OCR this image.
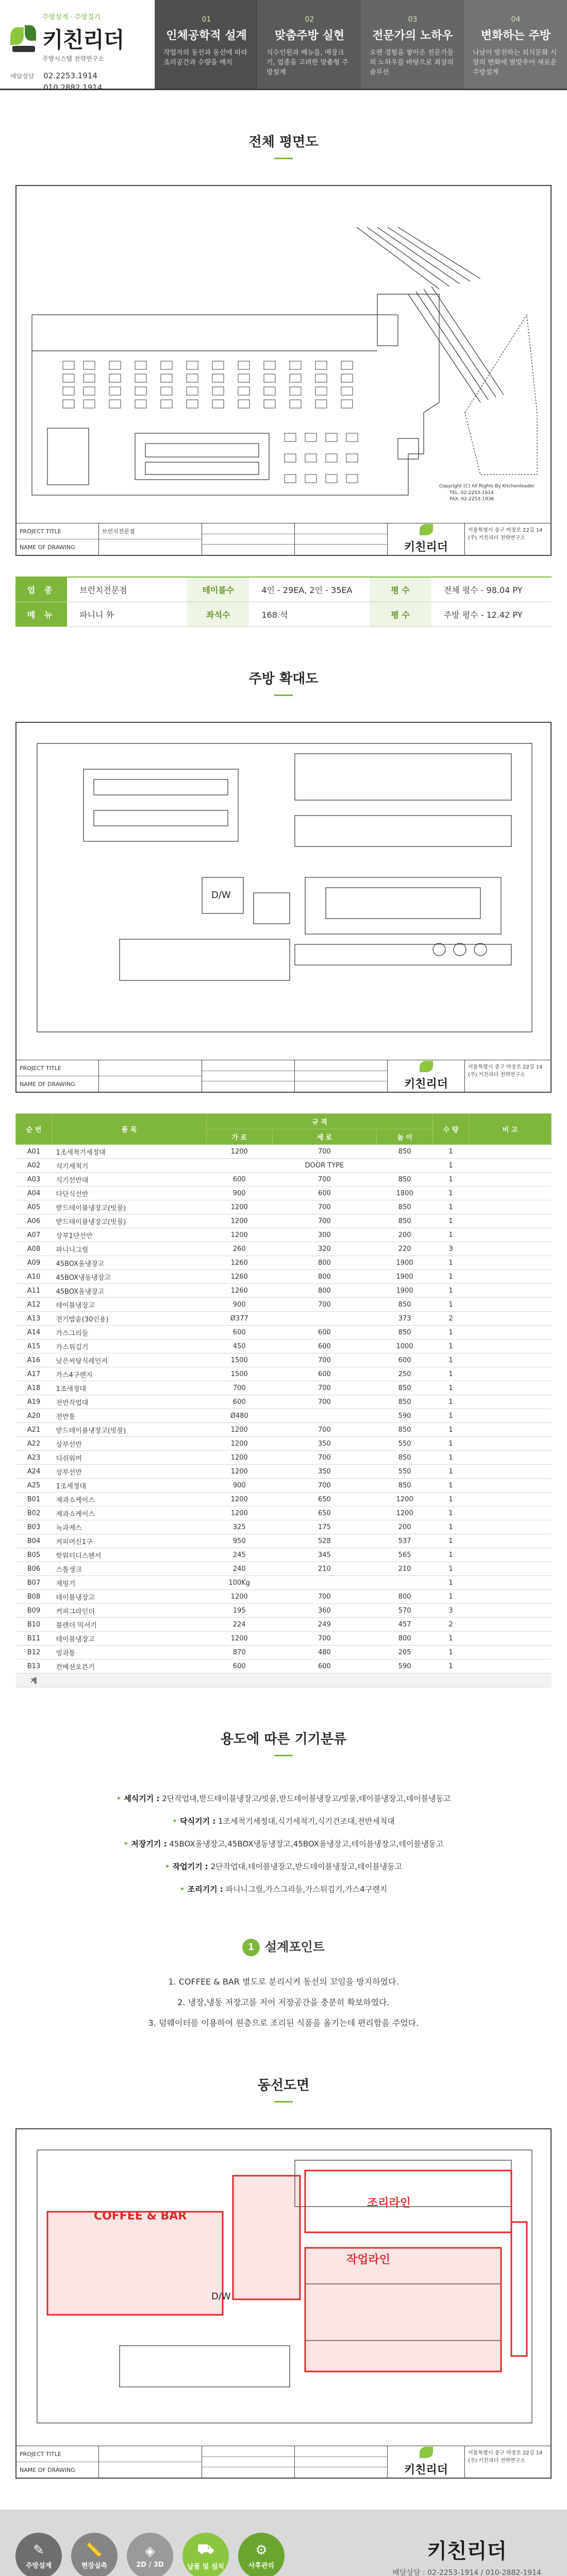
주방설계 · 주방집기
키친리더
주방시스템 전략연구소
배달상담 02.2253.1914
010.2882.1914
01
인체공학적 설계
작업자의 동선과 동선에 따라 조리공간과 수량을 배치
02
맞춤주방 실현
식수인원과 메뉴를, 매장크기, 업종을 고려한 맞춤형 주방설계
03
전문가의 노하우
오랜 경험을 쌓아온 전문가들의 노하우를 바탕으로 최상의 솔루션
04
변화하는 주방
나날이 발전하는 외식문화 시장의 변화에 발맞추어 새로운 주방설계
전체 평면도
Copyright (C) All Rights By Kitchenleader
TEL. 02-2253-1914
FAX. 02-2253-1936
PROJECT TITLE
NAME OF DRAWING
브런치전문점
키친리더
서울특별시 중구 마장로 22길 14 (주) 키친리더 전략연구소
업 종	브런치전문점	테이블수	4인 - 29EA, 2인 - 35EA	평 수	전체 평수 - 98.04 PY
메 뉴	파니니 外	좌석수	168 석	평 수	주방 평수 - 12.42 PY
주방 확대도
D/W
PROJECT TITLE
NAME OF DRAWING	키친리더
서울특별시 중구 마장로 22길 14 (주) 키친리더 전략연구소
순 번	품 목	규 격			수 량	비 고
		가 로	세 로	높 이		
A01	1조세척기세정대	1200	700	850	1	
A02	식기세척기		DOOR TYPE		1	
A03	식기선반대	600	700	850	1	
A04	다단식선반	900	600	1800	1	
A05	받드테이블냉장고(빗물)	1200	700	850	1	
A06	받드테이블냉장고(빗물)	1200	700	850	1	
A07	상부1단선반	1200	300	200	1	
A08	파니니그릴	260	320	220	3	
A09	45BOX올냉장고	1260	800	1900	1	
A10	45BOX냉동냉장고	1260	800	1900	1	
A11	45BOX올냉장고	1260	800	1900	1	
A12	테이블냉장고	900	700	850	1	
A13	전기밥솥(30인용)	Ø377		373	2	
A14	가스그리들	600	600	850	1	
A15	가스튀김기	450	600	1000	1	
A16	낮은씨탕식레인지	1500	700	600	1	
A17	가스4구렌지	1500	600	250	1	
A18	1조세정대	700	700	850	1	
A19	전반작업대	600	700	850	1	
A20	전반통	Ø480		590	1	
A21	받드테이블냉장고(빗물)	1200	700	850	1	
A22	상부선반	1200	350	550	1	
A23	디쉬워머	1200	700	850	1	
A24	상부선반	1200	350	550	1	
A25	1조세정대	900	700	850	1	
B01	제과쇼케이스	1200	650	1200	1	
B02	제과쇼케이스	1200	650	1200	1	
B03	녹과케스	325	175	200	1	
B04	커피머신1구	950	528	537	1	
B05	핫워터디스펜서	245	345	565	1	
B06	스톨생크	240	210	210	1	
B07	제빙기	100Kg			1	
B08	테이블냉장고	1200	700	800	1	
B09	커피그라인더	195	360	570	3	
B10	블렌더 믹서기	224	249	457	2	
B11	테이블냉장고	1200	700	800	1	
B12	빙과통	870	480	205	1	
B13	컨베션오븐기	600	600	590	1	
계						
용도에 따른 기기분류
• 세식기기 : 2단작업대,받드테이블냉장고/빗물,받드테이블냉장고/빗물,테이블냉장고,테이블냉동고
• 닥식기기 : 1조세척기세정대,식기세척기,식기건조대,전반세척대
• 저장기기 : 45BOX올냉장고,45BOX냉동냉장고,45BOX올냉장고,테이블냉장고,테이블냉동고
• 작업기기 : 2단작업대,테이블냉장고,받드테이블냉장고,테이블냉동고
• 조리기기 : 파니니그릴,가스그리들,가스튀김기,가스4구렌지
1 설계포인트
1. COFFEE & BAR 별도로 분리시켜 동선의 꼬임을 방지하였다.
2. 냉장,냉동 저장고를 저어 저장공간을 충분히 확보하였다.
3. 덤웨이터를 이용하여 원층으로 조리된 식품을 올기는데 편리함을 주었다.
동선도면
COFFEE & BAR
조리라인
작업라인
D/W
PROJECT TITLE
NAME OF DRAWING	키친리더
서울특별시 중구 마장로 22길 14 (주) 키친리더 전략연구소
✎
주방설계
📏
현장실측
◈
2D / 3D
⛟
납품 및 설치
⚙
사후관리
키친리더
배달상담 : 02-2253-1914 / 010-2882-1914
